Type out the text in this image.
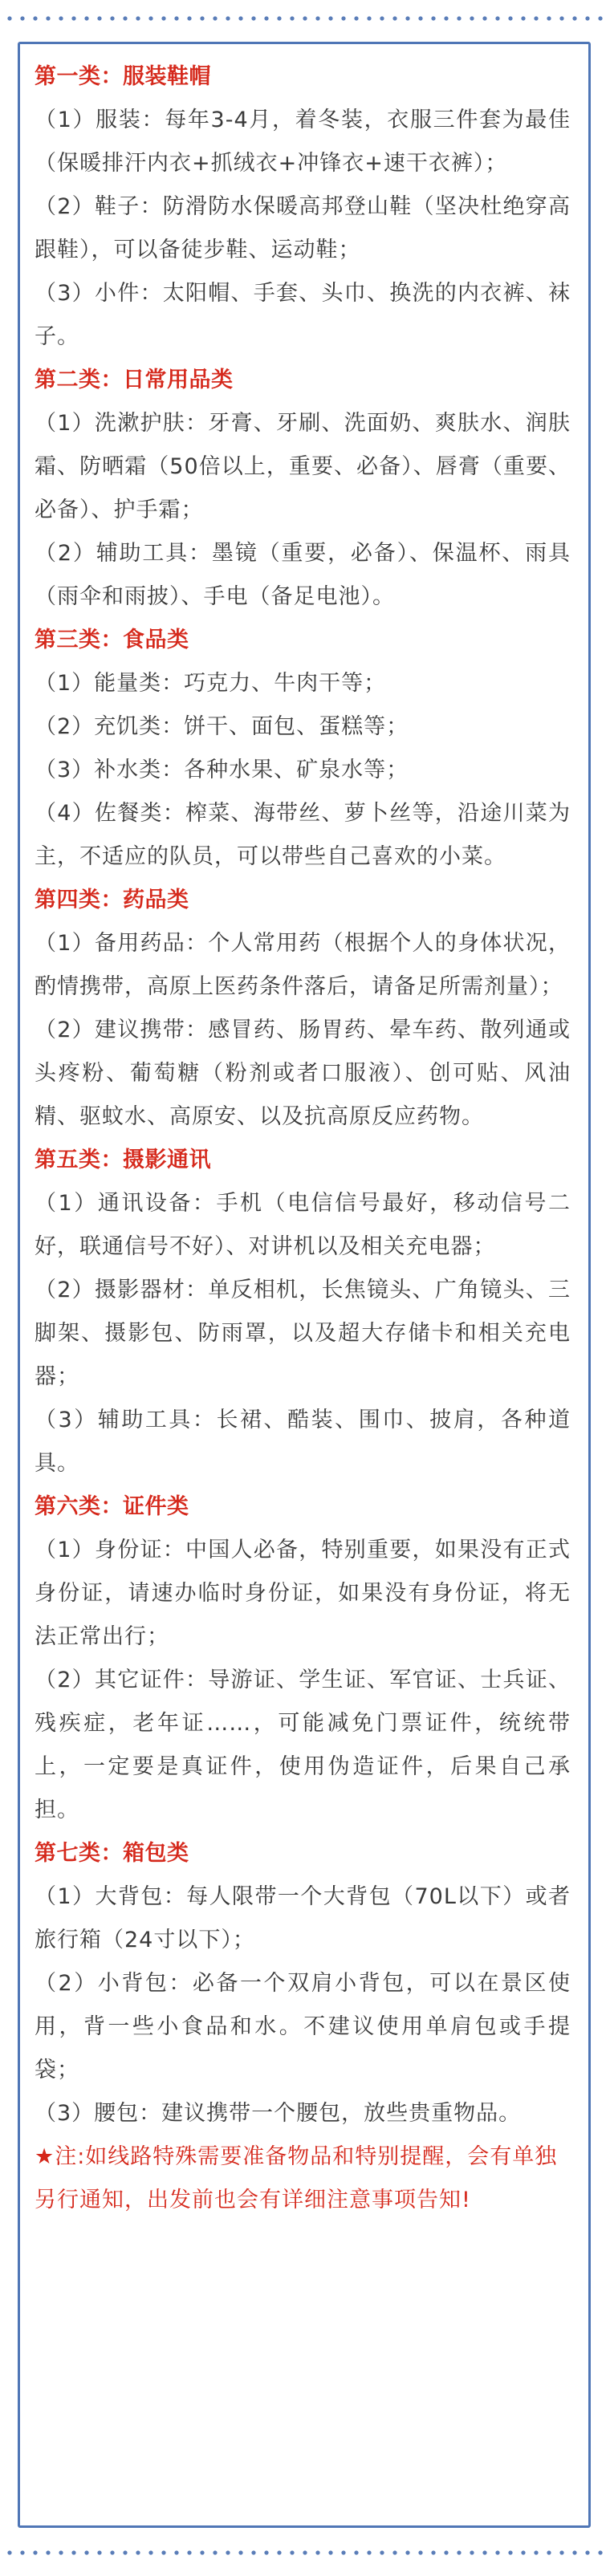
第一类：服装鞋帽

（1）服装：每年3-4月，着冬装，衣服三件套为最佳（保暖排汗内衣+抓绒衣+冲锋衣+速干衣裤）；

（2）鞋子：防滑防水保暖高邦登山鞋（坚决杜绝穿高跟鞋），可以备徒步鞋、运动鞋；

（3）小件：太阳帽、手套、头巾、换洗的内衣裤、袜子。

第二类：日常用品类

（1）洗漱护肤：牙膏、牙刷、洗面奶、爽肤水、润肤霜、防晒霜（50倍以上，重要、必备）、唇膏（重要、必备）、护手霜；

（2）辅助工具：墨镜（重要，必备）、保温杯、雨具（雨伞和雨披）、手电（备足电池）。

第三类：食品类

（1）能量类：巧克力、牛肉干等；

（2）充饥类：饼干、面包、蛋糕等；

（3）补水类：各种水果、矿泉水等；

（4）佐餐类：榨菜、海带丝、萝卜丝等，沿途川菜为主，不适应的队员，可以带些自己喜欢的小菜。

第四类：药品类

（1）备用药品：个人常用药（根据个人的身体状况，酌情携带，高原上医药条件落后，请备足所需剂量）；

（2）建议携带：感冒药、肠胃药、晕车药、散列通或头疼粉、葡萄糖（粉剂或者口服液）、创可贴、风油精、驱蚊水、高原安、以及抗高原反应药物。

第五类：摄影通讯

（1）通讯设备：手机（电信信号最好，移动信号二好，联通信号不好）、对讲机以及相关充电器；

（2）摄影器材：单反相机，长焦镜头、广角镜头、三脚架、摄影包、防雨罩，以及超大存储卡和相关充电器；

（3）辅助工具：长裙、酷装、围巾、披肩，各种道具。

第六类：证件类

（1）身份证：中国人必备，特别重要，如果没有正式身份证，请速办临时身份证，如果没有身份证，将无法正常出行；

（2）其它证件：导游证、学生证、军官证、士兵证、残疾症，老年证……，可能减免门票证件，统统带上，一定要是真证件，使用伪造证件，后果自己承担。

第七类：箱包类

（1）大背包：每人限带一个大背包（70L以下）或者旅行箱（24寸以下）；

（2）小背包：必备一个双肩小背包，可以在景区使用，背一些小食品和水。不建议使用单肩包或手提袋；

（3）腰包：建议携带一个腰包，放些贵重物品。

★注:如线路特殊需要准备物品和特别提醒，会有单独另行通知，出发前也会有详细注意事项告知!
